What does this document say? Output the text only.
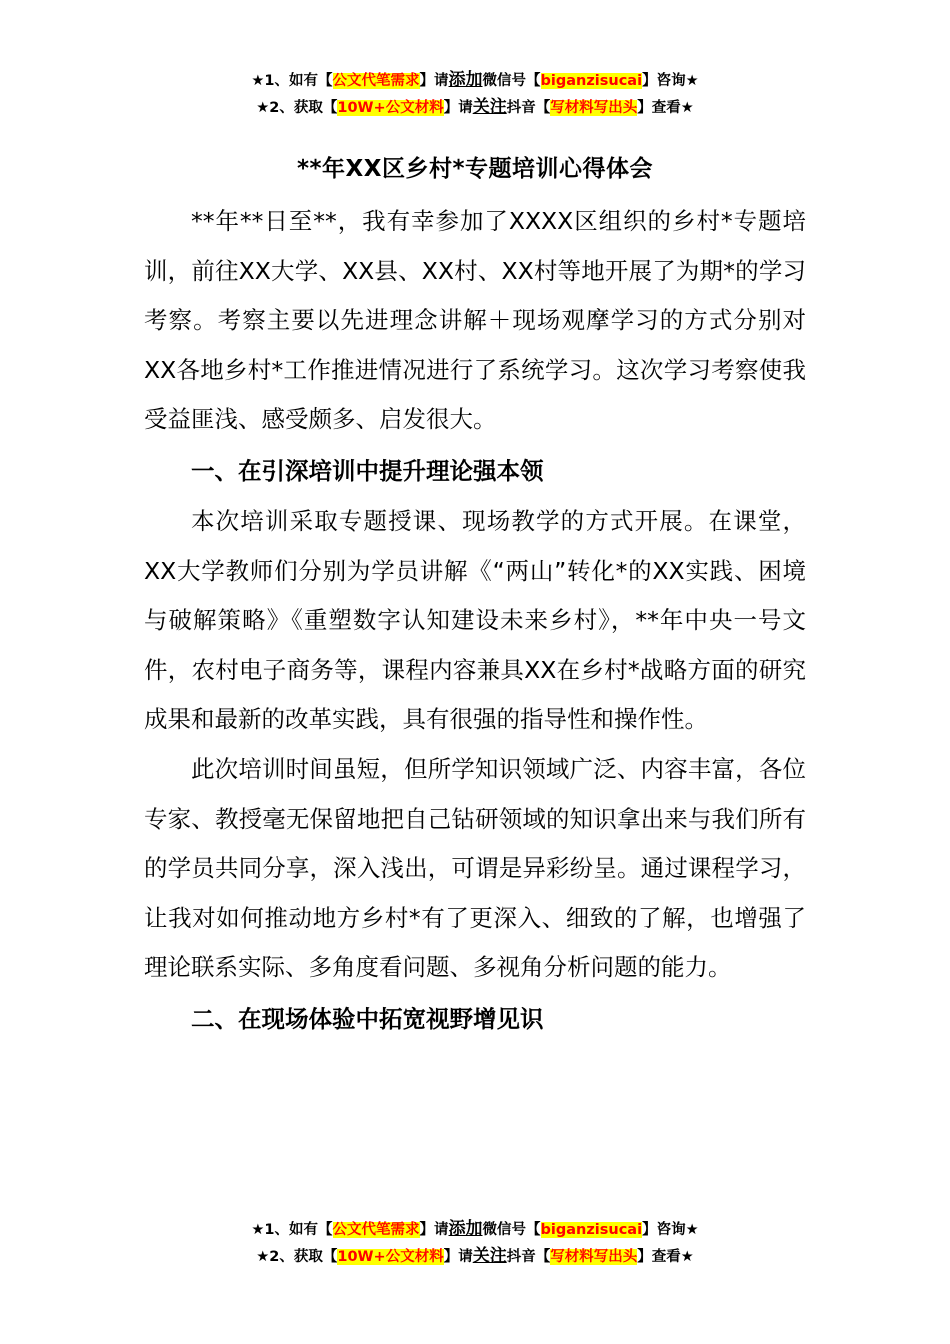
★1、如有【公文代笔需求】请添加微信号【biganzisucai】咨询★
★2、获取【10W+公文材料】请关注抖音【写材料写出头】查看★
**年XX区乡村*专题培训心得体会

**年**日至**，我有幸参加了XXXX区组织的乡村*专题培训，前往XX大学、XX县、XX村、XX村等地开展了为期*的学习考察。考察主要以先进理念讲解＋现场观摩学习的方式分别对XX各地乡村*工作推进情况进行了系统学习。这次学习考察使我受益匪浅、感受颇多、启发很大。

一、在引深培训中提升理论强本领

本次培训采取专题授课、现场教学的方式开展。在课堂，XX大学教师们分别为学员讲解《“两山”转化*的XX实践、困境与破解策略》《重塑数字认知建设未来乡村》，**年中央一号文件，农村电子商务等，课程内容兼具XX在乡村*战略方面的研究成果和最新的改革实践，具有很强的指导性和操作性。

此次培训时间虽短，但所学知识领域广泛、内容丰富，各位专家、教授毫无保留地把自己钻研领域的知识拿出来与我们所有的学员共同分享，深入浅出，可谓是异彩纷呈。通过课程学习，让我对如何推动地方乡村*有了更深入、细致的了解，也增强了理论联系实际、多角度看问题、多视角分析问题的能力。

二、在现场体验中拓宽视野增见识
★1、如有【公文代笔需求】请添加微信号【biganzisucai】咨询★
★2、获取【10W+公文材料】请关注抖音【写材料写出头】查看★
